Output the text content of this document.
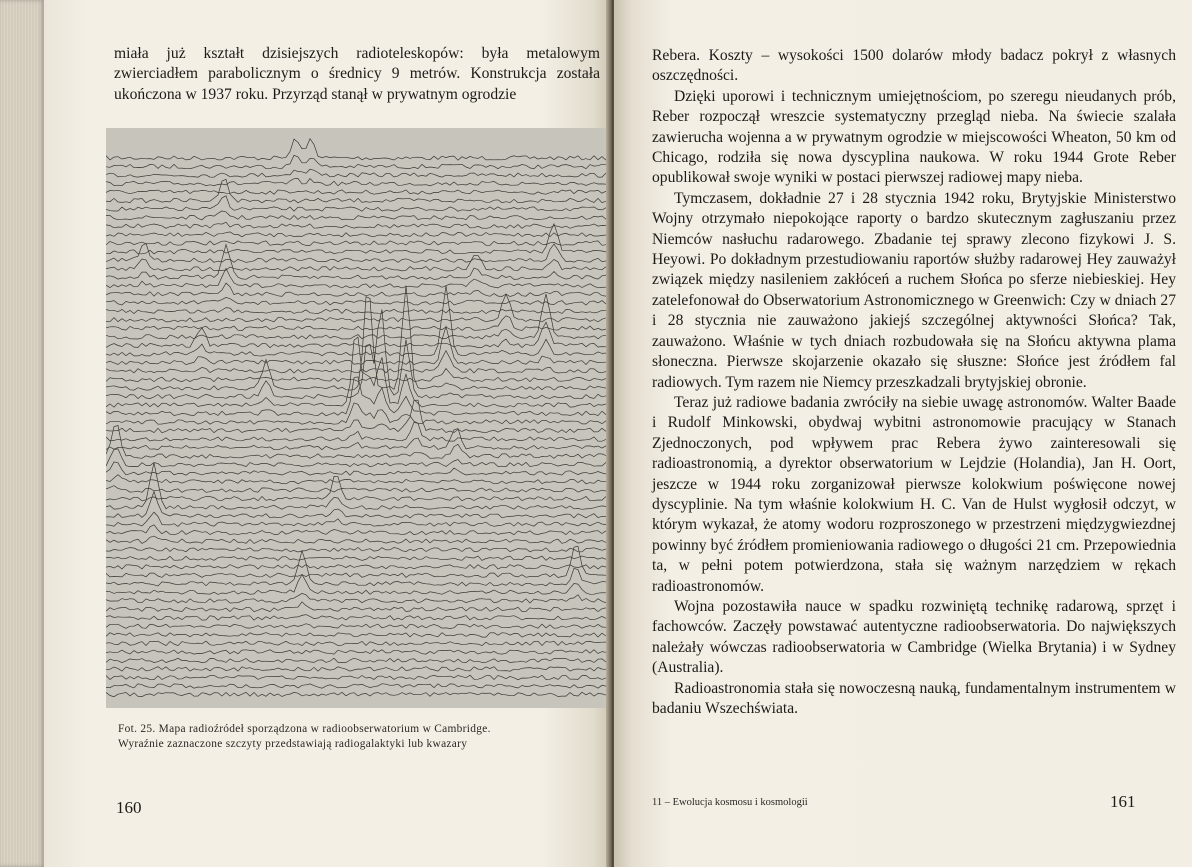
miała już kształt dzisiejszych radioteleskopów: była metalowym zwierciadłem parabolicznym o średnicy 9 metrów. Konstrukcja została ukończona w 1937 roku. Przyrząd stanął w prywatnym ogrodzie

Fot. 25. Mapa radioźródeł sporządzona w radioobserwatorium w Cambridge.

Wyraźnie zaznaczone szczyty przedstawiają radiogalaktyki lub kwazary

160

Rebera. Koszty – wysokości 1500 dolarów młody badacz pokrył z własnych oszczędności.

Dzięki uporowi i technicznym umiejętnościom, po szeregu nieudanych prób, Reber rozpoczął wreszcie systematyczny przegląd nieba. Na świecie szalała zawierucha wojenna a w prywatnym ogrodzie w miejscowości Wheaton, 50 km od Chicago, rodziła się nowa dyscyplina naukowa. W roku 1944 Grote Reber opublikował swoje wyniki w postaci pierwszej radiowej mapy nieba.

Tymczasem, dokładnie 27 i 28 stycznia 1942 roku, Brytyjskie Ministerstwo Wojny otrzymało niepokojące raporty o bardzo skutecznym zagłuszaniu przez Niemców nasłuchu radarowego. Zbadanie tej sprawy zlecono fizykowi J. S. Heyowi. Po dokładnym przestudiowaniu raportów służby radarowej Hey zauważył związek między nasileniem zakłóceń a ruchem Słońca po sferze niebieskiej. Hey zatelefonował do Obserwatorium Astronomicznego w Greenwich: Czy w dniach 27 i 28 stycznia nie zauważono jakiejś szczególnej aktywności Słońca? Tak, zauważono. Właśnie w tych dniach rozbudowała się na Słońcu aktywna plama słoneczna. Pierwsze skojarzenie okazało się słuszne: Słońce jest źródłem fal radiowych. Tym razem nie Niemcy przeszkadzali brytyjskiej obronie.

Teraz już radiowe badania zwróciły na siebie uwagę astronomów. Walter Baade i Rudolf Minkowski, obydwaj wybitni astronomowie pracujący w Stanach Zjednoczonych, pod wpływem prac Rebera żywo zainteresowali się radioastronomią, a dyrektor obserwatorium w Lejdzie (Holandia), Jan H. Oort, jeszcze w 1944 roku zorganizował pierwsze kolokwium poświęcone nowej dyscyplinie. Na tym właśnie kolokwium H. C. Van de Hulst wygłosił odczyt, w którym wykazał, że atomy wodoru rozproszonego w przestrzeni międzygwiezdnej powinny być źródłem promieniowania radiowego o długości 21 cm. Przepowiednia ta, w pełni potem potwierdzona, stała się ważnym narzędziem w rękach radioastronomów.

Wojna pozostawiła nauce w spadku rozwiniętą technikę radarową, sprzęt i fachowców. Zaczęły powstawać autentyczne radioobserwatoria. Do największych należały wówczas radioobserwatoria w Cambridge (Wielka Brytania) i w Sydney (Australia).

Radioastronomia stała się nowoczesną nauką, fundamentalnym instrumentem w badaniu Wszechświata.

11 – Ewolucja kosmosu i kosmologii	161
